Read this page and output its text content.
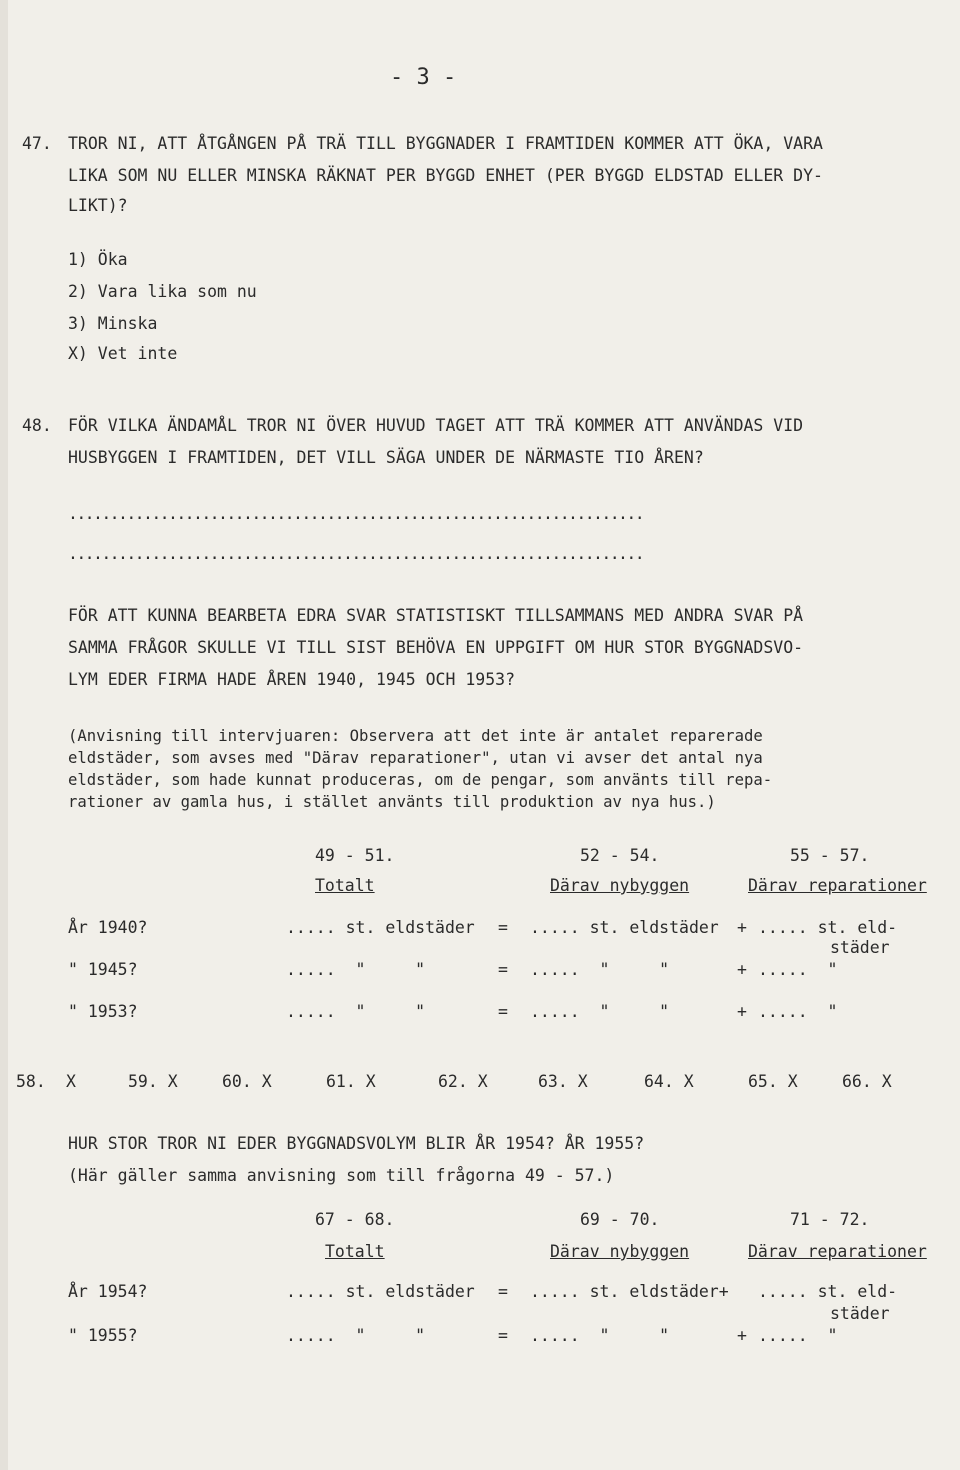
- 3 -
47. TROR NI, ATT ÅTGÅNGEN PÅ TRÄ TILL BYGGNADER I FRAMTIDEN KOMMER ATT ÖKA, VARA
LIKA SOM NU ELLER MINSKA RÄKNAT PER BYGGD ENHET (PER BYGGD ELDSTAD ELLER DY-
LIKT)?
1) Öka
2) Vara lika som nu
3) Minska
X) Vet inte
48. FÖR VILKA ÄNDAMÅL TROR NI ÖVER HUVUD TAGET ATT TRÄ KOMMER ATT ANVÄNDAS VID
HUSBYGGEN I FRAMTIDEN, DET VILL SÄGA UNDER DE NÄRMASTE TIO ÅREN?
.....................................................................
.....................................................................
FÖR ATT KUNNA BEARBETA EDRA SVAR STATISTISKT TILLSAMMANS MED ANDRA SVAR PÅ
SAMMA FRÅGOR SKULLE VI TILL SIST BEHÖVA EN UPPGIFT OM HUR STOR BYGGNADSVO-
LYM EDER FIRMA HADE ÅREN 1940, 1945 OCH 1953?
(Anvisning till intervjuaren: Observera att det inte är antalet reparerade
eldstäder, som avses med "Därav reparationer", utan vi avser det antal nya
eldstäder, som hade kunnat produceras, om de pengar, som använts till repa-
rationer av gamla hus, i stället använts till produktion av nya hus.)
49 - 51.	52 - 54.	55 - 57.
Totalt	Därav nybyggen	Därav reparationer
År 1940?	..... st. eldstäder = ..... st. eldstäder + ..... st. eld-
städer
" 1945?	.....  "     "	= .....  "     "	+ .....  "
" 1953?	.....  "     "	= .....  "     "	+ .....  "
58. X	59. X	60. X	61. X	62. X	63. X	64. X	65. X	66. X
HUR STOR TROR NI EDER BYGGNADSVOLYM BLIR ÅR 1954? ÅR 1955?
(Här gäller samma anvisning som till frågorna 49 - 57.)
67 - 68.	69 - 70.	71 - 72.
Totalt	Därav nybyggen	Därav reparationer
År 1954?	..... st. eldstäder = ..... st. eldstäder+ ..... st. eld-
städer
" 1955?	.....  "     "	= .....  "     "	+ .....  "
